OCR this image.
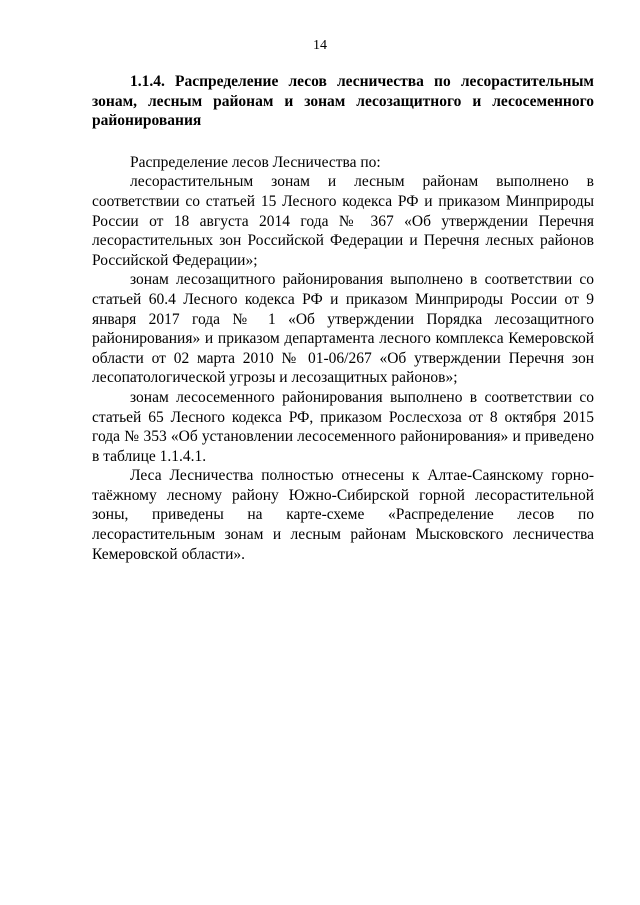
14

1.1.4. Распределение лесов лесничества по лесорастительным зонам, лесным районам и зонам лесозащитного и лесосеменного районирования

Распределение лесов Лесничества по:

лесорастительным зонам и лесным районам выполнено в соответствии со статьей 15 Лесного кодекса РФ и приказом Минприроды России от 18 августа 2014 года № 367 «Об утверждении Перечня лесорастительных зон Российской Федерации и Перечня лесных районов Российской Федерации»;

зонам лесозащитного районирования выполнено в соответствии со статьей 60.4 Лесного кодекса РФ и приказом Минприроды России от 9 января 2017 года № 1 «Об утверждении Порядка лесозащитного районирования» и приказом департамента лесного комплекса Кемеровской области от 02 марта 2010 № 01-06/267 «Об утверждении Перечня зон лесопатологической угрозы и лесозащитных районов»;

зонам лесосеменного районирования выполнено в соответствии со статьей 65 Лесного кодекса РФ, приказом Рослесхоза от 8 октября 2015 года № 353 «Об установлении лесосеменного районирования» и приведено в таблице 1.1.4.1.

Леса Лесничества полностью отнесены к Алтае-Саянскому горно-таёжному лесному району Южно-Сибирской горной лесорастительной зоны, приведены на карте-схеме «Распределение лесов по лесорастительным зонам и лесным районам Мысковского лесничества Кемеровской области».
